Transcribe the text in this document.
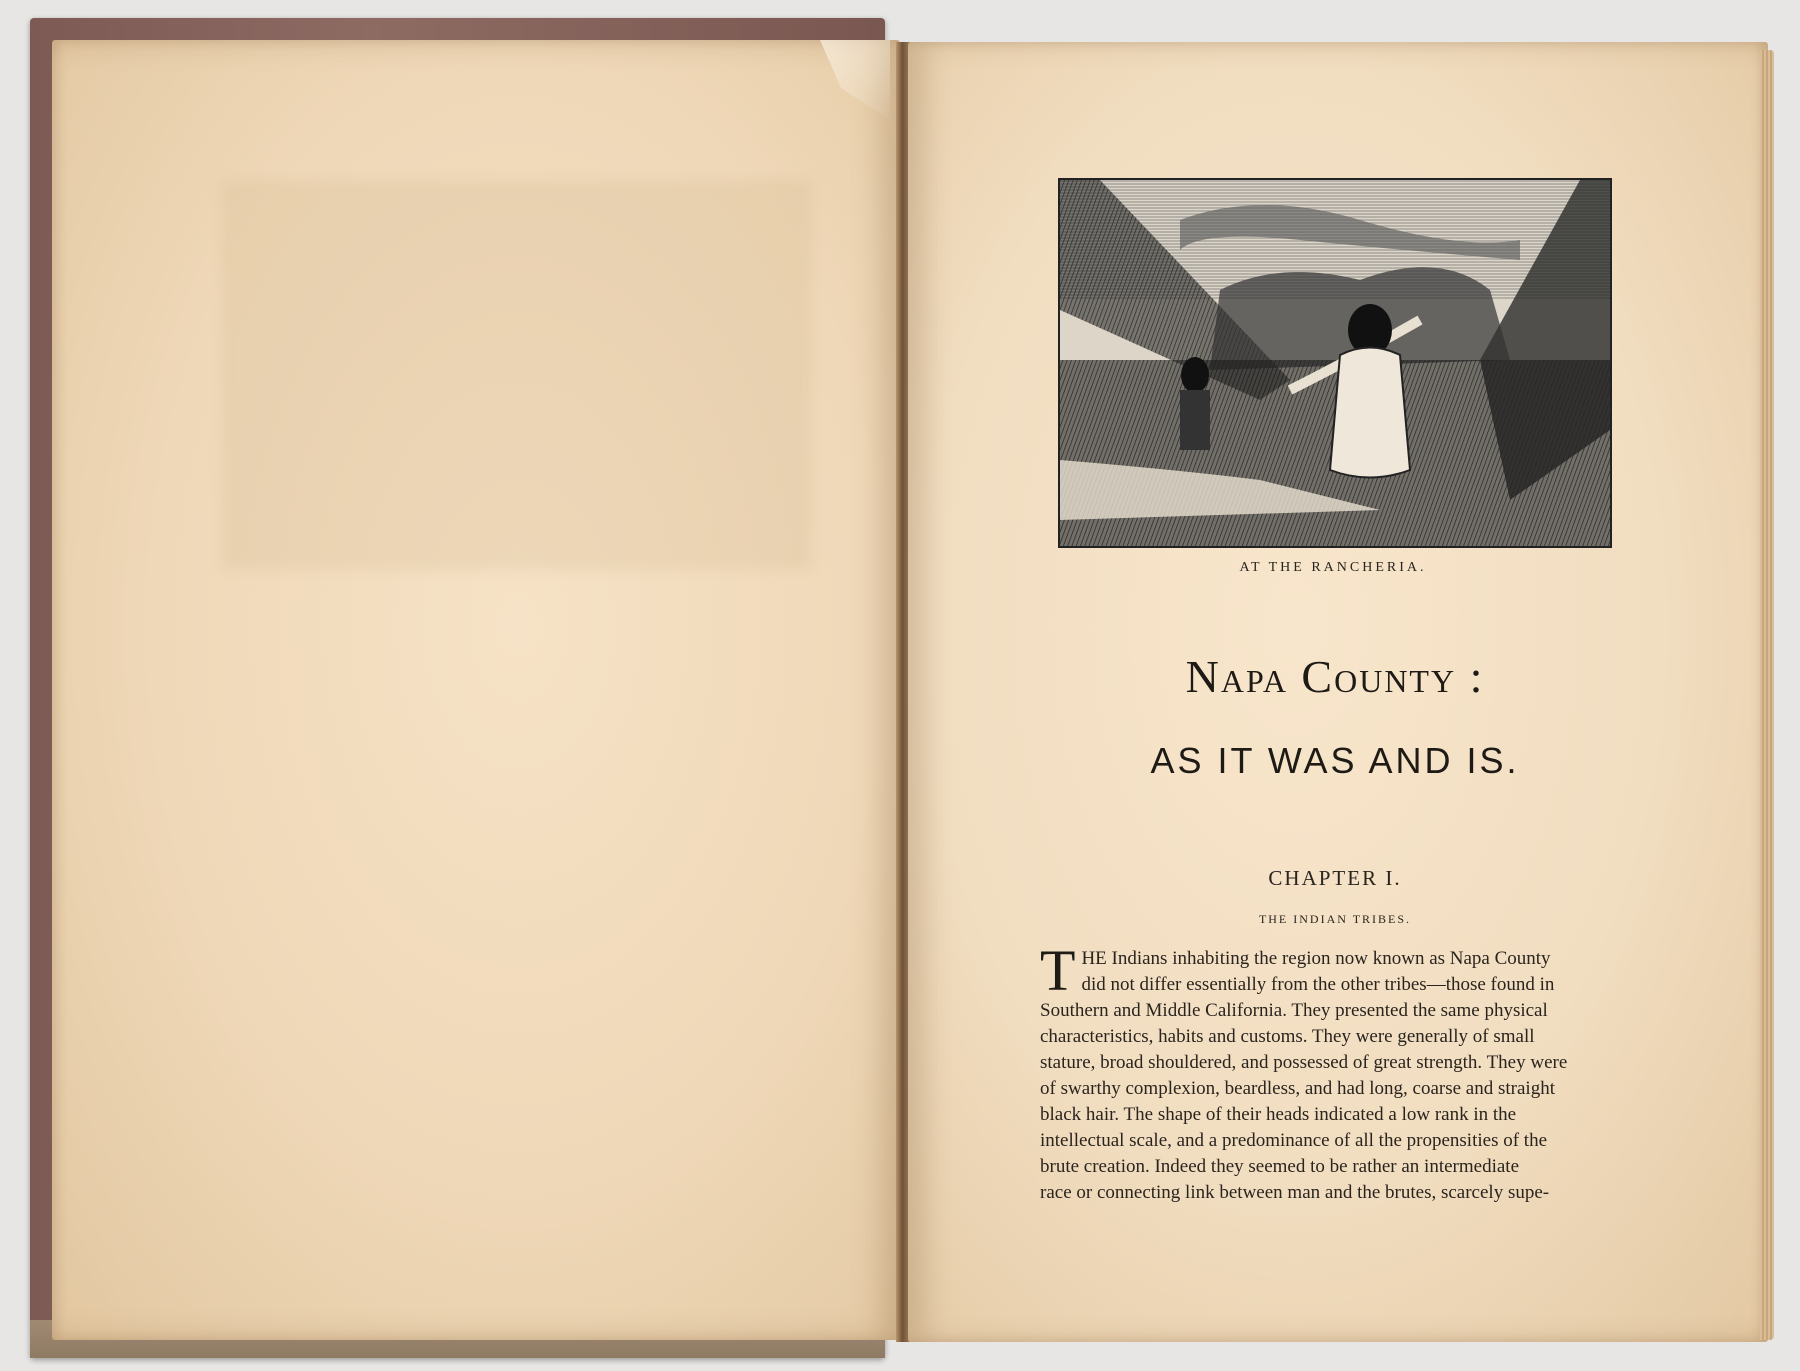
AT THE RANCHERIA.
Napa County :
AS IT WAS AND IS.
CHAPTER I.
THE INDIAN TRIBES.
T HE Indians inhabiting the region now known as Napa County
did not differ essentially from the other tribes—those found in
Southern and Middle California. They presented the same physical
characteristics, habits and customs. They were generally of small
stature, broad shouldered, and possessed of great strength. They were
of swarthy complexion, beardless, and had long, coarse and straight
black hair. The shape of their heads indicated a low rank in the
intellectual scale, and a predominance of all the propensities of the
brute creation. Indeed they seemed to be rather an intermediate
race or connecting link between man and the brutes, scarcely supe-
